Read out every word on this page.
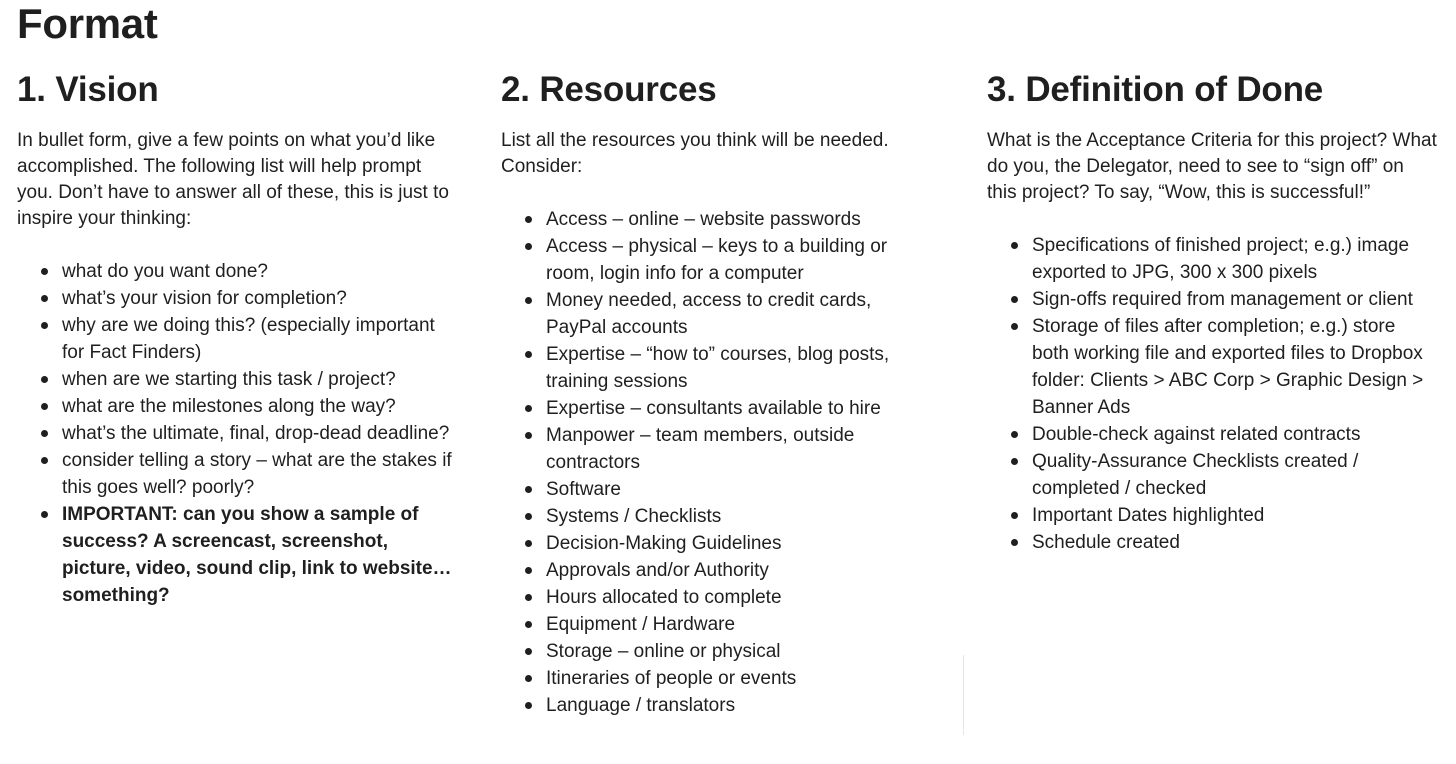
Format
1. Vision

In bullet form, give a few points on what you’d like accomplished. The following list will help prompt you. Don’t have to answer all of these, this is just to inspire your thinking:

what do you want done?
what’s your vision for completion?
why are we doing this? (especially important for Fact Finders)
when are we starting this task / project?
what are the milestones along the way?
what’s the ultimate, final, drop-dead deadline?
consider telling a story – what are the stakes if this goes well? poorly?
IMPORTANT: can you show a sample of success? A screencast, screenshot, picture, video, sound clip, link to website… something?
2. Resources

List all the resources you think will be needed. Consider:

Access – online – website passwords
Access – physical – keys to a building or room, login info for a computer
Money needed, access to credit cards, PayPal accounts
Expertise – “how to” courses, blog posts, training sessions
Expertise – consultants available to hire
Manpower – team members, outside contractors
Software
Systems / Checklists
Decision-Making Guidelines
Approvals and/or Authority
Hours allocated to complete
Equipment / Hardware
Storage – online or physical
Itineraries of people or events
Language / translators
3. Definition of Done

What is the Acceptance Criteria for this project? What do you, the Delegator, need to see to “sign off” on this project? To say, “Wow, this is successful!”

Specifications of finished project; e.g.) image exported to JPG, 300 x 300 pixels
Sign-offs required from management or client
Storage of files after completion; e.g.) store both working file and exported files to Dropbox folder: Clients > ABC Corp > Graphic Design > Banner Ads
Double-check against related contracts
Quality-Assurance Checklists created / completed / checked
Important Dates highlighted
Schedule created
